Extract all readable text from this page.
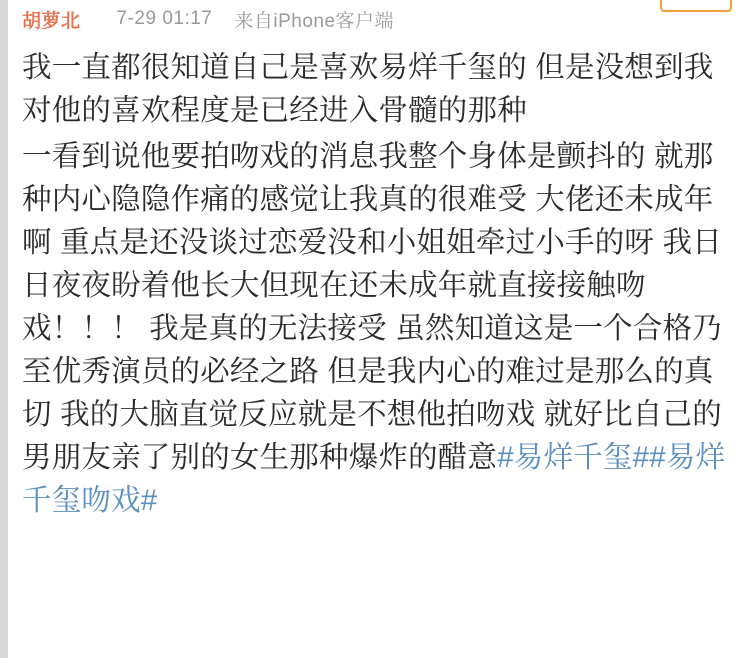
胡萝北 7-29 01:17 来自iPhone客户端
我一直都很知道自己是喜欢易烊千玺的 但是没想到我对他的喜欢程度是已经进入骨髓的那种
一看到说他要拍吻戏的消息我整个身体是颤抖的 就那种内心隐隐作痛的感觉让我真的很难受 大佬还未成年啊 重点是还没谈过恋爱没和小姐姐牵过小手的呀 我日日夜夜盼着他长大但现在还未成年就直接接触吻戏！！！ 我是真的无法接受 虽然知道这是一个合格乃至优秀演员的必经之路 但是我内心的难过是那么的真切 我的大脑直觉反应就是不想他拍吻戏 就好比自己的男朋友亲了别的女生那种爆炸的醋意#易烊千玺##易烊千玺吻戏#
